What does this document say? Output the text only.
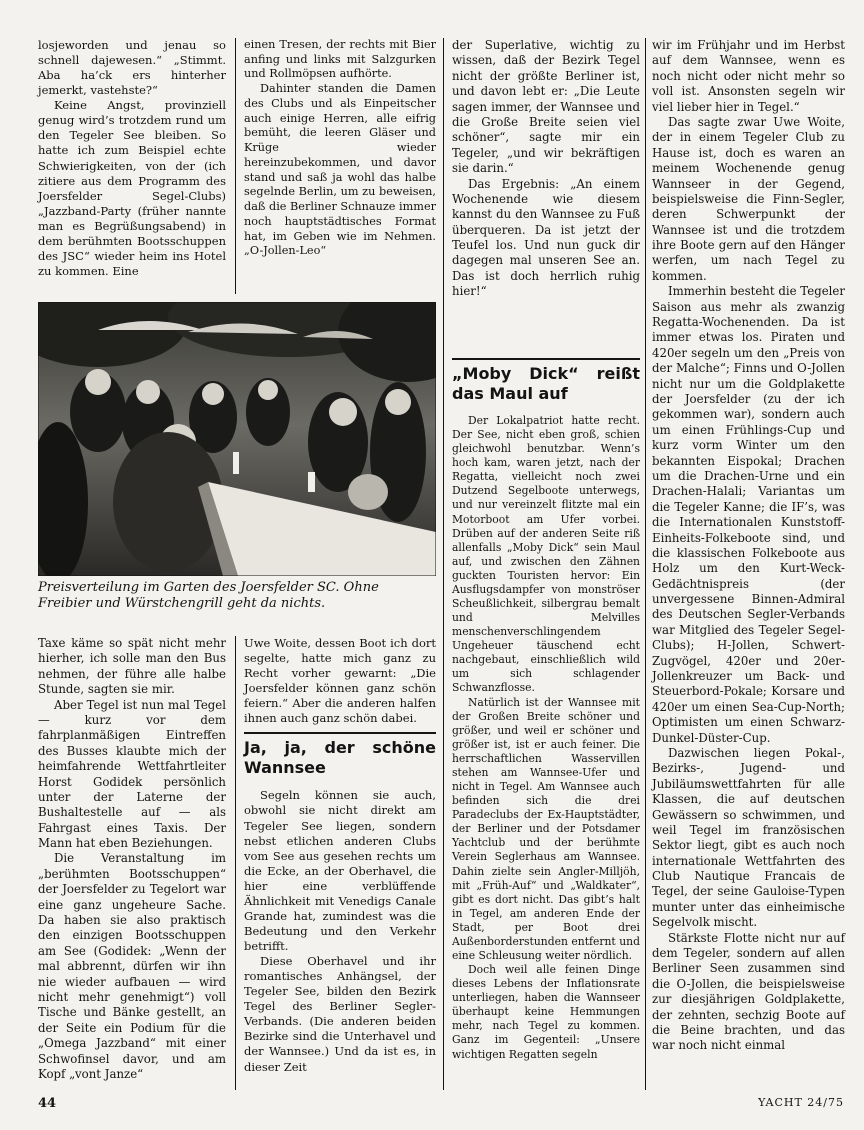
losjeworden und jenau so schnell dajewesen.“ „Stimmt. Aba ha’ck ers hinterher jemerkt, vastehste?“

Keine Angst, provinziell genug wird’s trotzdem rund um den Tegeler See bleiben. So hatte ich zum Beispiel echte Schwierigkeiten, von der (ich zitiere aus dem Programm des Joersfelder Segel-Clubs) „Jazzband-Party (früher nannte man es Begrüßungsabend) in dem berühmten Bootsschuppen des JSC“ wieder heim ins Hotel zu kommen. Eine

einen Tresen, der rechts mit Bier anfing und links mit Salzgurken und Rollmöpsen aufhörte.

Dahinter standen die Damen des Clubs und als Einpeitscher auch einige Herren, alle eifrig bemüht, die leeren Gläser und Krüge wieder hereinzubekommen, und davor stand und saß ja wohl das halbe segelnde Berlin, um zu beweisen, daß die Berliner Schnauze immer noch hauptstädtisches Format hat, im Geben wie im Nehmen. „O-Jollen-Leo“

der Superlative, wichtig zu wissen, daß der Bezirk Tegel nicht der größte Berliner ist, und davon lebt er: „Die Leute sagen immer, der Wannsee und die Große Breite seien viel schöner“, sagte mir ein Tegeler, „und wir bekräftigen sie darin.“

Das Ergebnis: „An einem Wochenende wie diesem kannst du den Wannsee zu Fuß überqueren. Da ist jetzt der Teufel los. Und nun guck dir dagegen mal unseren See an. Das ist doch herrlich ruhig hier!“

wir im Frühjahr und im Herbst auf dem Wannsee, wenn es noch nicht oder nicht mehr so voll ist. Ansonsten segeln wir viel lieber hier in Tegel.“

Das sagte zwar Uwe Woite, der in einem Tegeler Club zu Hause ist, doch es waren an meinem Wochenende genug Wannseer in der Gegend, beispielsweise die Finn-Segler, deren Schwerpunkt der Wannsee ist und die trotzdem ihre Boote gern auf den Hänger werfen, um nach Tegel zu kommen.

Immerhin besteht die Tegeler Saison aus mehr als zwanzig Regatta-Wochenenden. Da ist immer etwas los. Piraten und 420er segeln um den „Preis von der Malche“; Finns und O-Jollen nicht nur um die Goldplakette der Joersfelder (zu der ich gekommen war), sondern auch um einen Frühlings-Cup und kurz vorm Winter um den bekannten Eispokal; Drachen um die Drachen-Urne und ein Drachen-Halali; Variantas um die Tegeler Kanne; die IF’s, was die Internationalen Kunststoff-Einheits-Folkeboote sind, und die klassischen Folkeboote aus Holz um den Kurt-Weck-Gedächtnispreis (der unvergessene Binnen-Admiral des Deutschen Segler-Verbands war Mitglied des Tegeler Segel-Clubs); H-Jollen, Schwert-Zugvögel, 420er und 20er-Jollenkreuzer um Back- und Steuerbord-Pokale; Korsare und 420er um einen Sea-Cup-North; Optimisten um einen Schwarz-Dunkel-Düster-Cup.

Dazwischen liegen Pokal-, Bezirks-, Jugend- und Jubiläumswettfahrten für alle Klassen, die auf deutschen Gewässern so schwimmen, und weil Tegel im französischen Sektor liegt, gibt es auch noch internationale Wettfahrten des Club Nautique Francais de Tegel, der seine Gauloise-Typen munter unter das einheimische Segelvolk mischt.

Stärkste Flotte nicht nur auf dem Tegeler, sondern auf allen Berliner Seen zusammen sind die O-Jollen, die beispielsweise zur diesjährigen Goldplakette, der zehnten, sechzig Boote auf die Beine brachten, und das war noch nicht einmal

Preisverteilung im Garten des Joersfelder SC. Ohne Freibier und Würstchengrill geht da nichts.

Taxe käme so spät nicht mehr hierher, ich solle man den Bus nehmen, der führe alle halbe Stunde, sagten sie mir.

Aber Tegel ist nun mal Tegel — kurz vor dem fahrplanmäßigen Eintreffen des Busses klaubte mich der heimfahrende Wettfahrtleiter Horst Godidek persönlich unter der Laterne der Bushaltestelle auf — als Fahrgast eines Taxis. Der Mann hat eben Beziehungen.

Die Veranstaltung im „berühmten Bootsschuppen“ der Joersfelder zu Tegelort war eine ganz ungeheure Sache. Da haben sie also praktisch den einzigen Bootsschuppen am See (Godidek: „Wenn der mal abbrennt, dürfen wir ihn nie wieder aufbauen — wird nicht mehr genehmigt“) voll Tische und Bänke gestellt, an der Seite ein Podium für die „Omega Jazzband“ mit einer Schwofinsel davor, und am Kopf „vont Janze“

Uwe Woite, dessen Boot ich dort segelte, hatte mich ganz zu Recht vorher gewarnt: „Die Joersfelder können ganz schön feiern.“ Aber die anderen halfen ihnen auch ganz schön dabei.

Ja, ja, der schöne Wannsee

Segeln können sie auch, obwohl sie nicht direkt am Tegeler See liegen, sondern nebst etlichen anderen Clubs vom See aus gesehen rechts um die Ecke, an der Oberhavel, die hier eine verblüffende Ähnlichkeit mit Venedigs Canale Grande hat, zumindest was die Bedeutung und den Verkehr betrifft.

Diese Oberhavel und ihr romantisches Anhängsel, der Tegeler See, bilden den Bezirk Tegel des Berliner Segler-Verbands. (Die anderen beiden Bezirke sind die Unterhavel und der Wannsee.) Und da ist es, in dieser Zeit

„Moby Dick“ reißt das Maul auf

Der Lokalpatriot hatte recht. Der See, nicht eben groß, schien gleichwohl benutzbar. Wenn’s hoch kam, waren jetzt, nach der Regatta, vielleicht noch zwei Dutzend Segelboote unterwegs, und nur vereinzelt flitzte mal ein Motorboot am Ufer vorbei. Drüben auf der anderen Seite riß allenfalls „Moby Dick“ sein Maul auf, und zwischen den Zähnen guckten Touristen hervor: Ein Ausflugsdampfer von monströser Scheußlichkeit, silbergrau bemalt und Melvilles menschenverschlingendem Ungeheuer täuschend echt nachgebaut, einschließlich wild um sich schlagender Schwanzflosse.

Natürlich ist der Wannsee mit der Großen Breite schöner und größer, und weil er schöner und größer ist, ist er auch feiner. Die herrschaftlichen Wasservillen stehen am Wannsee-Ufer und nicht in Tegel. Am Wannsee auch befinden sich die drei Paradeclubs der Ex-Hauptstädter, der Berliner und der Potsdamer Yachtclub und der berühmte Verein Seglerhaus am Wannsee. Dahin zielte sein Angler-Milljöh, mit „Früh-Auf“ und „Waldkater“, gibt es dort nicht. Das gibt’s halt in Tegel, am anderen Ende der Stadt, per Boot drei Außenborderstunden entfernt und eine Schleusung weiter nördlich.

Doch weil alle feinen Dinge dieses Lebens der Inflationsrate unterliegen, haben die Wannseer überhaupt keine Hemmungen mehr, nach Tegel zu kommen. Ganz im Gegenteil: „Unsere wichtigen Regatten segeln

44	YACHT 24/75
